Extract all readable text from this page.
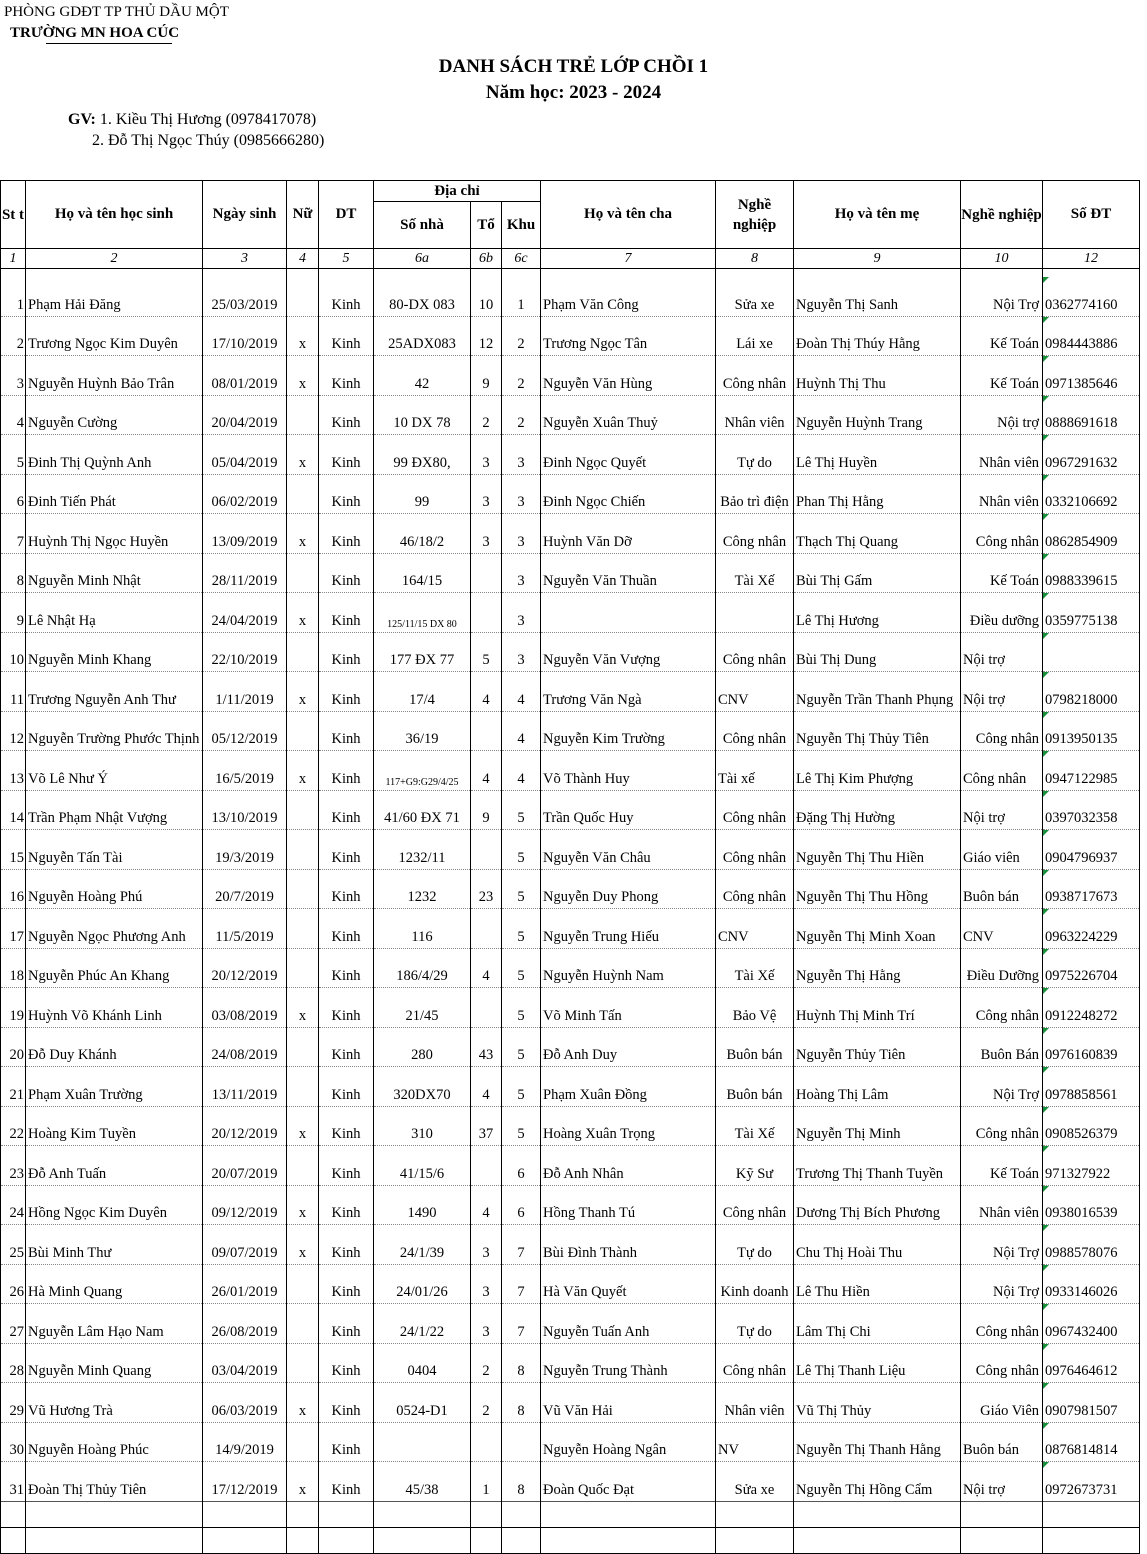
PHÒNG GDĐT TP THỦ DẦU MỘT
TRƯỜNG MN HOA CÚC
DANH SÁCH TRẺ LỚP CHỒI 1
Năm học: 2023 - 2024
GV: 1. Kiều Thị Hương (0978417078)
2. Đỗ Thị Ngọc Thúy (0985666280)
St t	Họ và tên học sinh	Ngày sinh	Nữ	DT	Địa chỉ			Họ và tên cha	Nghề nghiệp	Họ và tên mẹ	Nghề nghiệp	Số ĐT
					Số nhà	Tổ	Khu					
1	2	3	4	5	6a	6b	6c	7	8	9	10	12

1	Phạm Hải Đăng	25/03/2019		Kinh	80-DX 083	10	1	Phạm Văn Công	Sửa xe	Nguyễn Thị Sanh	Nội Trợ	0362774160

2	Trương Ngọc Kim Duyên	17/10/2019	x	Kinh	25ADX083	12	2	Trương Ngọc Tân	Lái xe	Đoàn Thị Thúy Hằng	Kế Toán	0984443886

3	Nguyễn Huỳnh Bảo Trân	08/01/2019	x	Kinh	42	9	2	Nguyễn Văn Hùng	Công nhân	Huỳnh Thị Thu	Kế Toán	0971385646

4	Nguyễn Cường	20/04/2019		Kinh	10 DX 78	2	2	Nguyễn Xuân Thuỷ	Nhân viên	Nguyễn Huỳnh Trang	Nội trợ	0888691618

5	Đinh Thị Quỳnh Anh	05/04/2019	x	Kinh	99 ĐX80,	3	3	Đinh Ngọc Quyết	Tự do	Lê Thị Huyền	Nhân viên	0967291632

6	Đinh Tiến Phát	06/02/2019		Kinh	99	3	3	Đinh Ngọc Chiến	Bảo trì điện	Phan Thị Hằng	Nhân viên	0332106692

7	Huỳnh Thị Ngọc Huyền	13/09/2019	x	Kinh	46/18/2	3	3	Huỳnh Văn Dỡ	Công nhân	Thạch Thị Quang	Công nhân	0862854909

8	Nguyễn Minh Nhật	28/11/2019		Kinh	164/15		3	Nguyễn Văn Thuần	Tài Xế	Bùi Thị Gấm	Kế Toán	0988339615

9	Lê Nhật Hạ	24/04/2019	x	Kinh	125/11/15 DX 80		3			Lê Thị Hương	Điều dưỡng	0359775138

10	Nguyễn Minh Khang	22/10/2019		Kinh	177 ĐX 77	5	3	Nguyễn Văn Vượng	Công nhân	Bùi Thị Dung	Nội trợ	

11	Trương Nguyễn Anh Thư	1/11/2019	x	Kinh	17/4	4	4	Trương Văn Ngà	CNV	Nguyễn Trần Thanh Phụng	Nội trợ	0798218000

12	Nguyễn Trường Phước Thịnh	05/12/2019		Kinh	36/19		4	Nguyễn Kim Trường	Công nhân	Nguyễn Thị Thủy Tiên	Công nhân	0913950135

13	Võ Lê Như Ý	16/5/2019	x	Kinh	117+G9:G29/4/25	4	4	Võ Thành Huy	Tài xế	Lê Thị Kim Phượng	Công nhân	0947122985

14	Trần Phạm Nhật Vượng	13/10/2019		Kinh	41/60 ĐX 71	9	5	Trần Quốc Huy	Công nhân	Đặng Thị Hường	Nội trợ	0397032358

15	Nguyễn Tấn Tài	19/3/2019		Kinh	1232/11		5	Nguyễn Văn Châu	Công nhân	Nguyễn Thị Thu Hiền	Giáo viên	0904796937

16	Nguyễn Hoàng Phú	20/7/2019		Kinh	1232	23	5	Nguyễn Duy Phong	Công nhân	Nguyễn Thị Thu Hồng	Buôn bán	0938717673

17	Nguyễn Ngọc Phương Anh	11/5/2019		Kinh	116		5	Nguyễn Trung Hiếu	CNV	Nguyễn Thị Minh Xoan	CNV	0963224229

18	Nguyễn Phúc An Khang	20/12/2019		Kinh	186/4/29	4	5	Nguyễn Huỳnh Nam	Tài Xế	Nguyễn Thị Hằng	Điều Dưỡng	0975226704

19	Huỳnh Võ Khánh Linh	03/08/2019	x	Kinh	21/45		5	Võ Minh Tấn	Bảo Vệ	Huỳnh Thị Minh Trí	Công nhân	0912248272

20	Đỗ Duy Khánh	24/08/2019		Kinh	280	43	5	Đỗ Anh Duy	Buôn bán	Nguyễn Thủy Tiên	Buôn Bán	0976160839

21	Phạm Xuân Trường	13/11/2019		Kinh	320DX70	4	5	Phạm Xuân Đồng	Buôn bán	Hoàng Thị Lâm	Nội Trợ	0978858561

22	Hoàng Kim Tuyền	20/12/2019	x	Kinh	310	37	5	Hoàng Xuân Trọng	Tài Xế	Nguyễn Thị Minh	Công nhân	0908526379

23	Đỗ Anh Tuấn	20/07/2019		Kinh	41/15/6		6	Đỗ Anh Nhân	Kỹ Sư	Trương Thị Thanh Tuyền	Kế Toán	971327922

24	Hồng Ngọc Kim Duyên	09/12/2019	x	Kinh	1490	4	6	Hồng Thanh Tú	Công nhân	Dương Thị Bích Phương	Nhân viên	0938016539

25	Bùi Minh Thư	09/07/2019	x	Kinh	24/1/39	3	7	Bùi Đình Thành	Tự do	Chu Thị Hoài Thu	Nội Trợ	0988578076

26	Hà Minh Quang	26/01/2019		Kinh	24/01/26	3	7	Hà Văn Quyết	Kinh doanh	Lê Thu Hiền	Nội Trợ	0933146026

27	Nguyễn Lâm Hạo Nam	26/08/2019		Kinh	24/1/22	3	7	Nguyễn Tuấn Anh	Tự do	Lâm Thị Chi	Công nhân	0967432400

28	Nguyễn Minh Quang	03/04/2019		Kinh	0404	2	8	Nguyễn Trung Thành	Công nhân	Lê Thị Thanh Liệu	Công nhân	0976464612

29	Vũ Hương Trà	06/03/2019	x	Kinh	0524-D1	2	8	Vũ Văn Hải	Nhân viên	Vũ Thị Thủy	Giáo Viên	0907981507

30	Nguyễn Hoàng Phúc	14/9/2019		Kinh				Nguyễn Hoàng Ngân	NV	Nguyễn Thị Thanh Hằng	Buôn bán	0876814814

31	Đoàn Thị Thủy Tiên	17/12/2019	x	Kinh	45/38	1	8	Đoàn Quốc Đạt	Sửa xe	Nguyễn Thị Hồng Cẩm	Nội trợ	0972673731
